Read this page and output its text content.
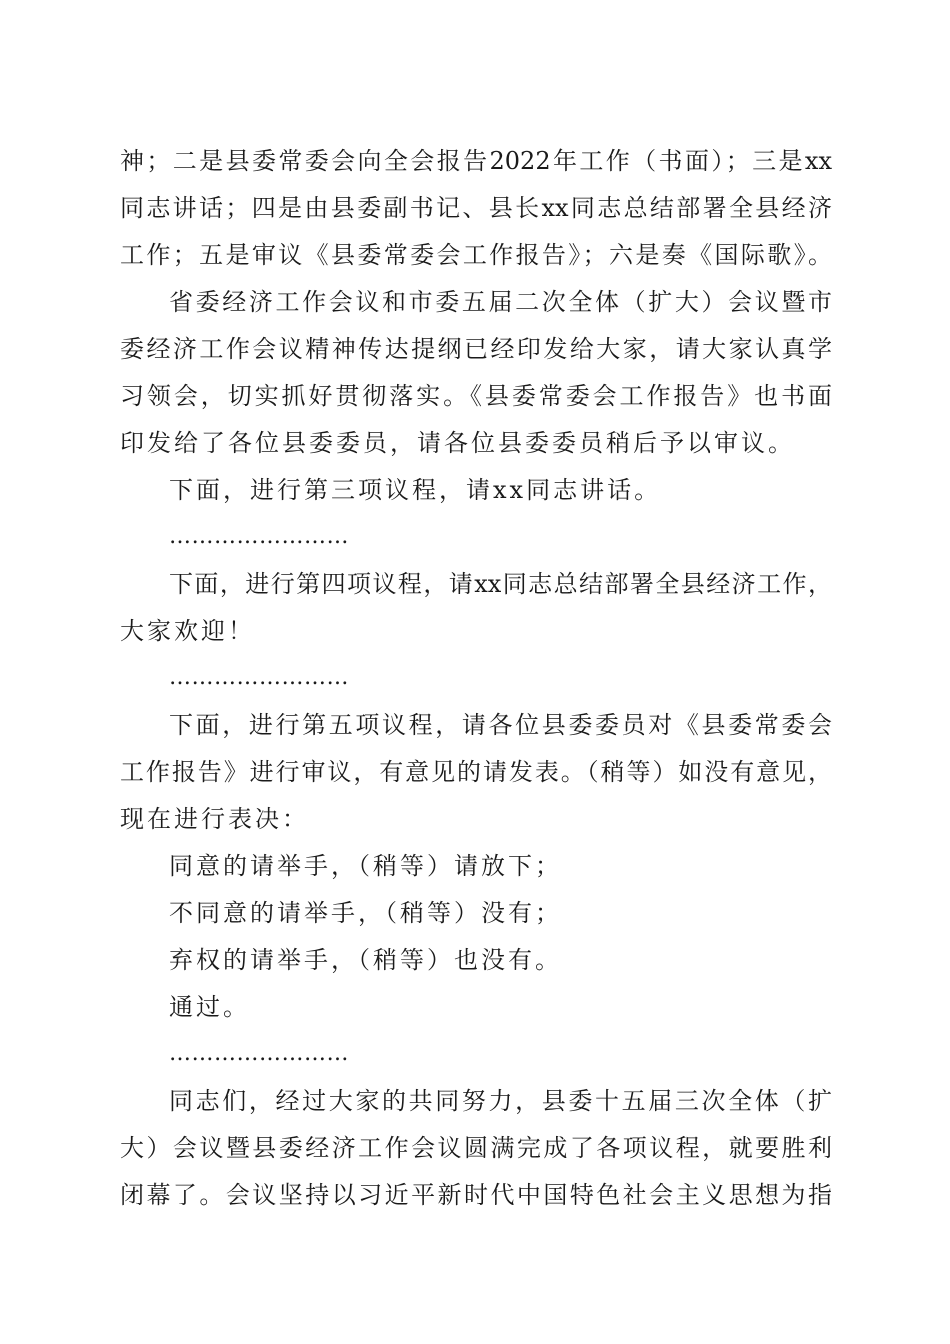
神；二是县委常委会向全会报告2022年工作（书面）；三是xx
同志讲话；四是由县委副书记、县长xx同志总结部署全县经济
工作；五是审议《县委常委会工作报告》；六是奏《国际歌》。
省委经济工作会议和市委五届二次全体（扩大）会议暨市
委经济工作会议精神传达提纲已经印发给大家，请大家认真学
习领会，切实抓好贯彻落实。《县委常委会工作报告》也书面
印发给了各位县委委员，请各位县委委员稍后予以审议。
下面，进行第三项议程，请xx同志讲话。
……………………
下面，进行第四项议程，请xx同志总结部署全县经济工作，
大家欢迎！
……………………
下面，进行第五项议程，请各位县委委员对《县委常委会
工作报告》进行审议，有意见的请发表。（稍等）如没有意见，
现在进行表决：
同意的请举手，（稍等）请放下；
不同意的请举手，（稍等）没有；
弃权的请举手，（稍等）也没有。
通过。
……………………
同志们，经过大家的共同努力，县委十五届三次全体（扩
大）会议暨县委经济工作会议圆满完成了各项议程，就要胜利
闭幕了。会议坚持以习近平新时代中国特色社会主义思想为指
